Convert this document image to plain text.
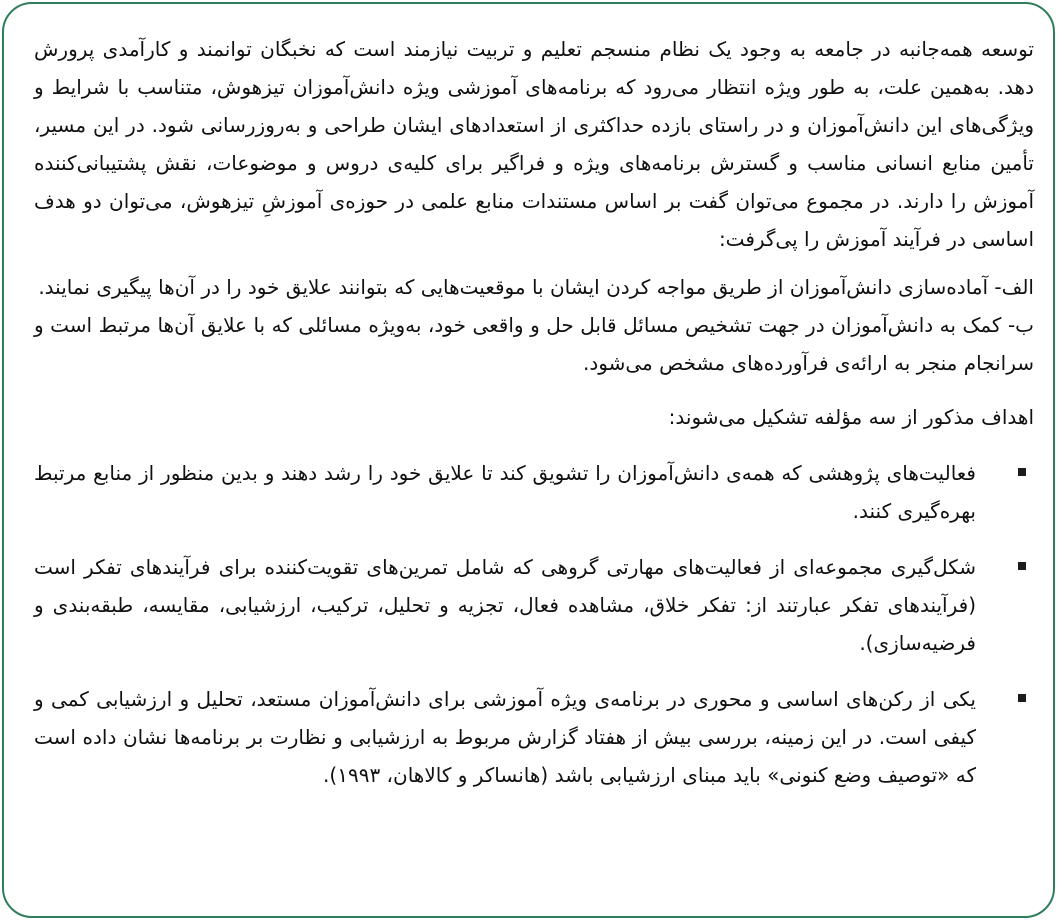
توسعه همه‌جانبه در جامعه به وجود یک نظام منسجم تعلیم و تربیت نیازمند است که نخبگان توانمند و کارآمدی پرورش دهد. به‌همین علت، به طور ویژه انتظار می‌رود که برنامه‌های آموزشی ویژه دانش‌آموزان تیزهوش، متناسب با شرایط و ویژگی‌های این دانش‌آموزان و در راستای بازده حداکثری از استعدادهای ایشان طراحی و به‌روزرسانی شود. در این مسیر، تأمین منابع انسانی مناسب و گسترش برنامه‌های ویژه و فراگیر برای کلیه‌ی دروس و موضوعات، نقش پشتیبانی‌کننده آموزش را دارند. در مجموع می‌توان گفت بر اساس مستندات منابع علمی در حوزه‌ی آموزشِ تیزهوش، می‌توان دو هدف اساسی در فرآیند آموزش را پی‌گرفت:

الف- آماده‌سازی دانش‌آموزان از طریق مواجه کردن ایشان با موقعیت‌هایی که بتوانند علایق خود را در آن‌ها پیگیری نمایند.

ب- کمک به دانش‌آموزان در جهت تشخیص مسائل قابل حل و واقعی خود، به‌ویژه مسائلی که با علایق آن‌ها مرتبط است و سرانجام منجر به ارائه‌ی فرآورده‌های مشخص می‌شود.

اهداف مذکور از سه مؤلفه تشکیل می‌شوند:

فعالیت‌های پژوهشی که همه‌ی دانش‌آموزان را تشویق کند تا علایق خود را رشد دهند و بدین منظور از منابع مرتبط بهره‌گیری کنند.
شکل‌گیری مجموعه‌ای از فعالیت‌های مهارتی گروهی که شامل تمرین‌های تقویت‌کننده برای فرآیندهای تفکر است (فرآیندهای تفکر عبارتند از: تفکر خلاق، مشاهده فعال، تجزیه و تحلیل، ترکیب، ارزشیابی، مقایسه، طبقه‌بندی و فرضیه‌سازی).
یکی از رکن‌های اساسی و محوری در برنامه‌ی ویژه آموزشی برای دانش‌آموزان مستعد، تحلیل و ارزشیابی کمی و کیفی است. در این زمینه، بررسی بیش از هفتاد گزارش مربوط به ارزشیابی و نظارت بر برنامه‌ها نشان داده است که «توصیف وضع کنونی» باید مبنای ارزشیابی باشد (هانساکر و کالاهان، ۱۹۹۳).
